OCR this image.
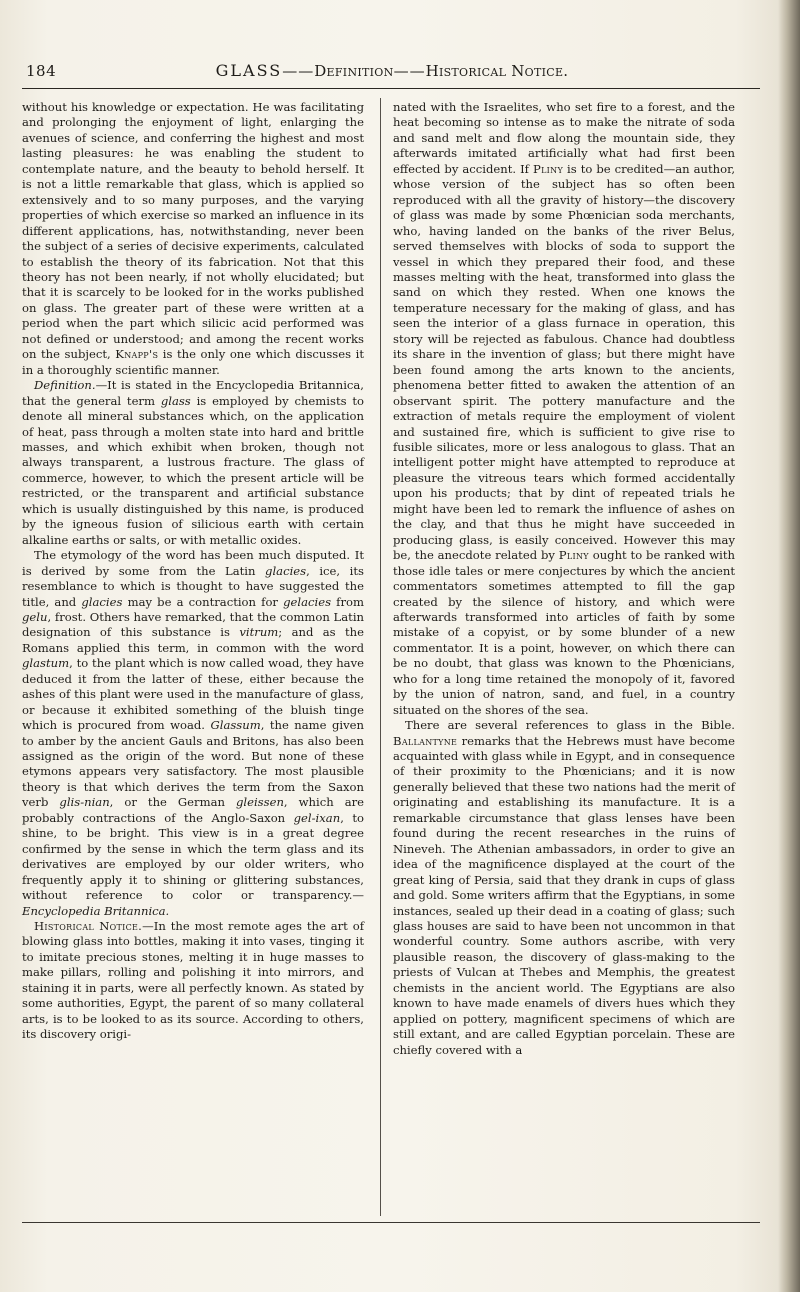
184	GLASS——Definition——Historical Notice.

without his knowledge or expectation. He was facilitating and prolonging the enjoyment of light, enlarging the avenues of science, and conferring the highest and most lasting pleasures: he was enabling the student to contemplate nature, and the beauty to behold herself. It is not a little remarkable that glass, which is applied so extensively and to so many purposes, and the varying properties of which exercise so marked an influence in its different applications, has, notwithstanding, never been the subject of a series of decisive experiments, calculated to establish the theory of its fabrication. Not that this theory has not been nearly, if not wholly elucidated; but that it is scarcely to be looked for in the works published on glass. The greater part of these were written at a period when the part which silicic acid performed was not defined or understood; and among the recent works on the subject, Knapp's is the only one which discusses it in a thoroughly scientific manner.

Definition.—It is stated in the Encyclopedia Britannica, that the general term glass is employed by chemists to denote all mineral substances which, on the application of heat, pass through a molten state into hard and brittle masses, and which exhibit when broken, though not always transparent, a lustrous fracture. The glass of commerce, however, to which the present article will be restricted, or the transparent and artificial substance which is usually distinguished by this name, is produced by the igneous fusion of silicious earth with certain alkaline earths or salts, or with metallic oxides.

The etymology of the word has been much disputed. It is derived by some from the Latin glacies, ice, its resemblance to which is thought to have suggested the title, and glacies may be a contraction for gelacies from gelu, frost. Others have remarked, that the common Latin designation of this substance is vitrum; and as the Romans applied this term, in common with the word glastum, to the plant which is now called woad, they have deduced it from the latter of these, either because the ashes of this plant were used in the manufacture of glass, or because it exhibited something of the bluish tinge which is procured from woad. Glassum, the name given to amber by the ancient Gauls and Britons, has also been assigned as the origin of the word. But none of these etymons appears very satisfactory. The most plausible theory is that which derives the term from the Saxon verb glis-nian, or the German gleissen, which are probably contractions of the Anglo-Saxon gel-ixan, to shine, to be bright. This view is in a great degree confirmed by the sense in which the term glass and its derivatives are employed by our older writers, who frequently apply it to shining or glittering substances, without reference to color or transparency.—Encyclopedia Britannica.

Historical Notice.—In the most remote ages the art of blowing glass into bottles, making it into vases, tinging it to imitate precious stones, melting it in huge masses to make pillars, rolling and polishing it into mirrors, and staining it in parts, were all perfectly known. As stated by some authorities, Egypt, the parent of so many collateral arts, is to be looked to as its source. According to others, its discovery origi-

nated with the Israelites, who set fire to a forest, and the heat becoming so intense as to make the nitrate of soda and sand melt and flow along the mountain side, they afterwards imitated artificially what had first been effected by accident. If Pliny is to be credited—an author, whose version of the subject has so often been reproduced with all the gravity of history—the discovery of glass was made by some Phœnician soda merchants, who, having landed on the banks of the river Belus, served themselves with blocks of soda to support the vessel in which they prepared their food, and these masses melting with the heat, transformed into glass the sand on which they rested. When one knows the temperature necessary for the making of glass, and has seen the interior of a glass furnace in operation, this story will be rejected as fabulous. Chance had doubtless its share in the invention of glass; but there might have been found among the arts known to the ancients, phenomena better fitted to awaken the attention of an observant spirit. The pottery manufacture and the extraction of metals require the employment of violent and sustained fire, which is sufficient to give rise to fusible silicates, more or less analogous to glass. That an intelligent potter might have attempted to reproduce at pleasure the vitreous tears which formed accidentally upon his products; that by dint of repeated trials he might have been led to remark the influence of ashes on the clay, and that thus he might have succeeded in producing glass, is easily conceived. However this may be, the anecdote related by Pliny ought to be ranked with those idle tales or mere conjectures by which the ancient commentators sometimes attempted to fill the gap created by the silence of history, and which were afterwards transformed into articles of faith by some mistake of a copyist, or by some blunder of a new commentator. It is a point, however, on which there can be no doubt, that glass was known to the Phœnicians, who for a long time retained the monopoly of it, favored by the union of natron, sand, and fuel, in a country situated on the shores of the sea.

There are several references to glass in the Bible. Ballantyne remarks that the Hebrews must have become acquainted with glass while in Egypt, and in consequence of their proximity to the Phœnicians; and it is now generally believed that these two nations had the merit of originating and establishing its manufacture. It is a remarkable circumstance that glass lenses have been found during the recent researches in the ruins of Nineveh. The Athenian ambassadors, in order to give an idea of the magnificence displayed at the court of the great king of Persia, said that they drank in cups of glass and gold. Some writers affirm that the Egyptians, in some instances, sealed up their dead in a coating of glass; such glass houses are said to have been not uncommon in that wonderful country. Some authors ascribe, with very plausible reason, the discovery of glass-making to the priests of Vulcan at Thebes and Memphis, the greatest chemists in the ancient world. The Egyptians are also known to have made enamels of divers hues which they applied on pottery, magnificent specimens of which are still extant, and are called Egyptian porcelain. These are chiefly covered with a
